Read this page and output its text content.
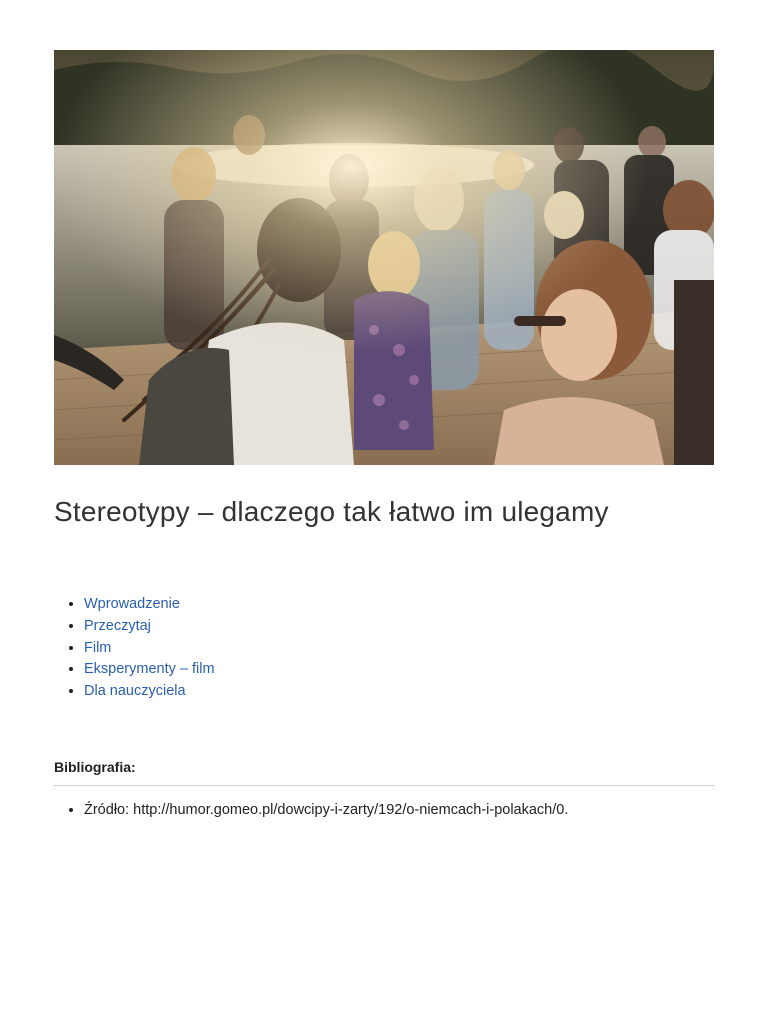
Stereotypy – dlaczego tak łatwo im ulegamy
• Wprowadzenie
• Przeczytaj
• Film
• Eksperymenty – film
• Dla nauczyciela
Bibliografia:
• Źródło: http://humor.gomeo.pl/dowcipy-i-zarty/192/o-niemcach-i-polakach/0.
